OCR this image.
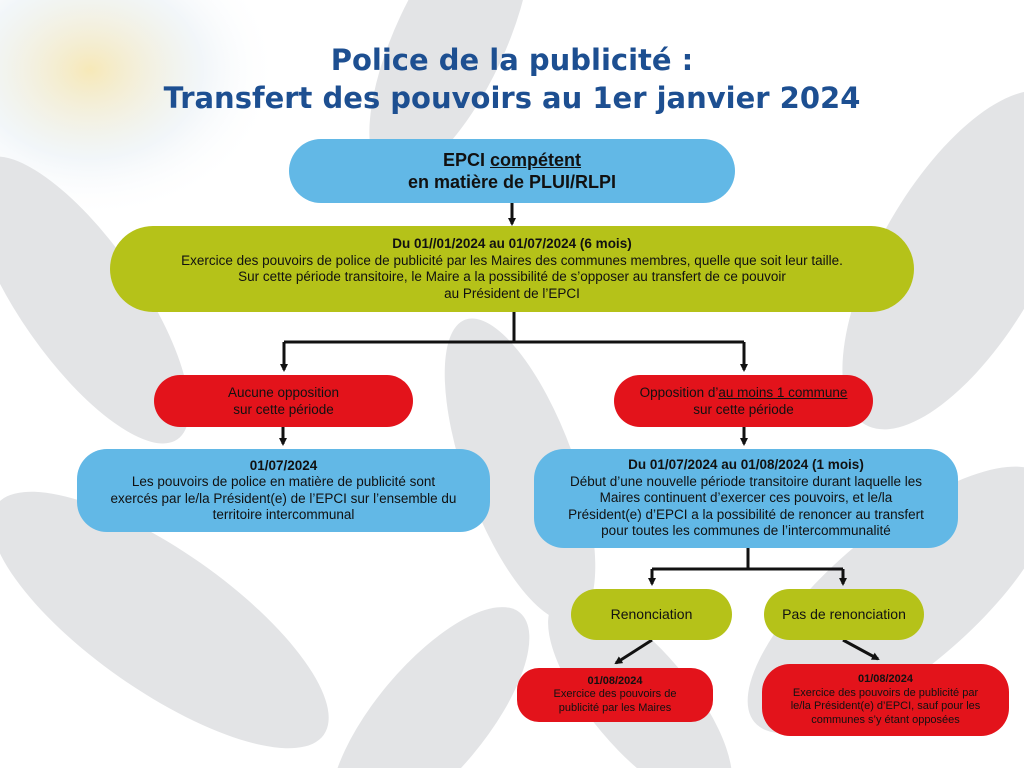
Police de la publicité :
Transfert des pouvoirs au 1er janvier 2024
EPCI compétent
en matière de PLUI/RLPI
Du 01//01/2024 au 01/07/2024 (6 mois)
Exercice des pouvoirs de police de publicité par les Maires des communes membres, quelle que soit leur taille.
Sur cette période transitoire, le Maire a la possibilité de s’opposer au transfert de ce pouvoir
au Président de l’EPCI
Aucune opposition
sur cette période
Opposition d’au moins 1 commune
sur cette période
01/07/2024
Les pouvoirs de police en matière de publicité sont
exercés par le/la Président(e) de l’EPCI sur l’ensemble du
territoire intercommunal
Du 01/07/2024 au 01/08/2024 (1 mois)
Début d’une nouvelle période transitoire durant laquelle les
Maires continuent d’exercer ces pouvoirs, et le/la
Président(e) d’EPCI a la possibilité de renoncer au transfert
pour toutes les communes de l’intercommunalité
Renonciation	Pas de renonciation
01/08/2024
Exercice des pouvoirs de
publicité par les Maires
01/08/2024
Exercice des pouvoirs de publicité par
le/la Président(e) d’EPCI, sauf pour les
communes s’y étant opposées
